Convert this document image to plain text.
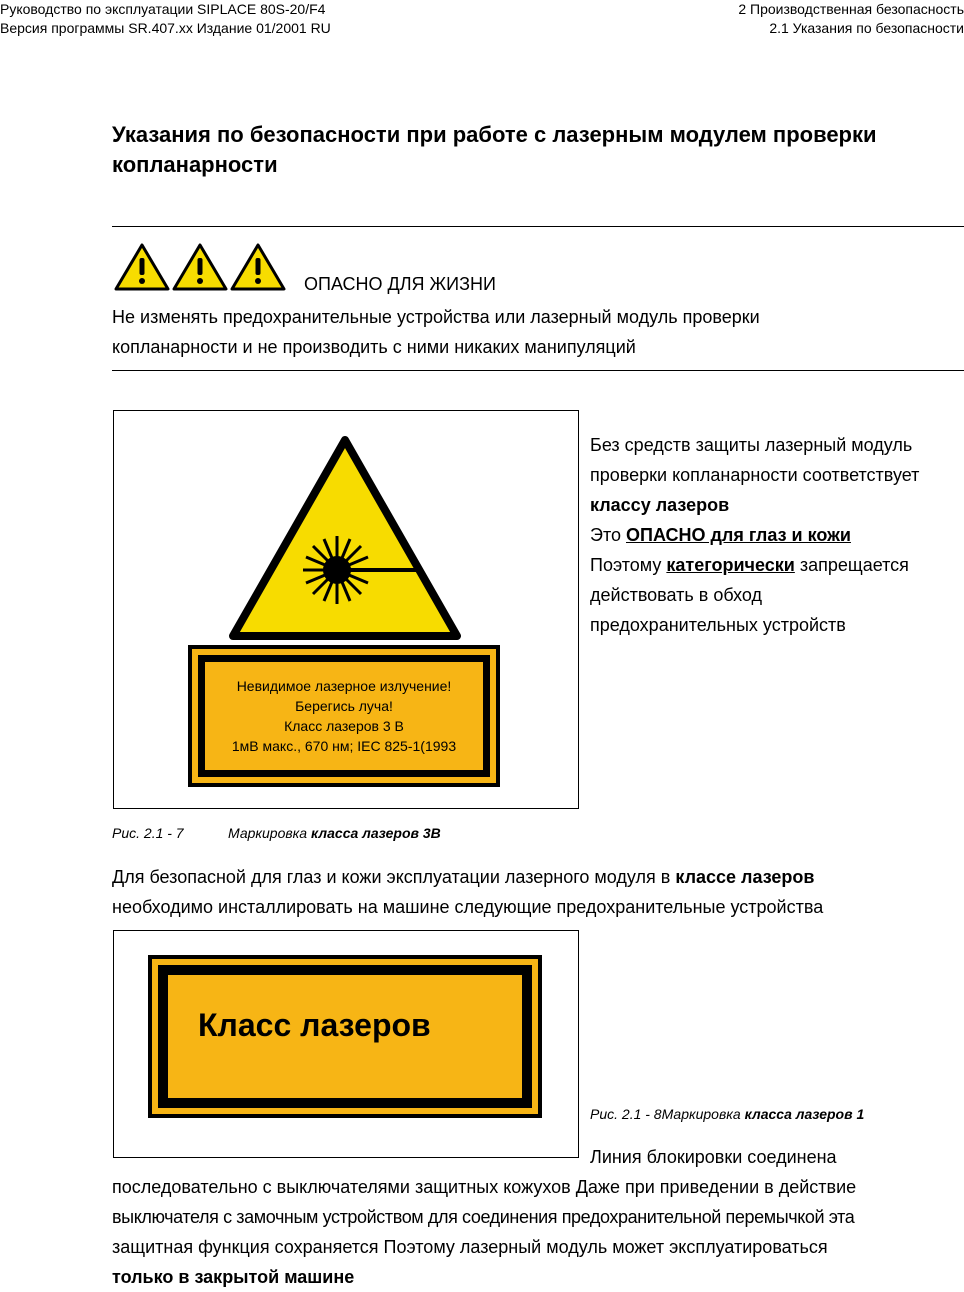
Руководство по эксплуатации SIPLACE 80S-20/F4
Версия программы SR.407.xx Издание 01/2001 RU
2 Производственная безопасность
2.1 Указания по безопасности
Указания по безопасности при работе с лазерным модулем проверки копланарности
ОПАСНО ДЛЯ ЖИЗНИ
Не изменять предохранительные устройства или лазерный модуль проверки
копланарности и не производить с ними никаких манипуляций
Невидимое лазерное излучение!
Берегись луча!
Класс лазеров 3 В
1мВ макс., 670 нм; IEC 825-1(1993
Без средств защиты лазерный модуль
проверки копланарности соответствует
классу лазеров
Это ОПАСНО для глаз и кожи
Поэтому категорически запрещается
действовать в обход
предохранительных устройств
Рис. 2.1 - 7	Маркировка класса лазеров 3В
Для безопасной для глаз и кожи эксплуатации лазерного модуля в классе лазеров
необходимо инсталлировать на машине следующие предохранительные устройства
Класс лазеров
Рис. 2.1 - 8Маркировка класса лазеров 1
Линия блокировки соединена
последовательно с выключателями защитных кожухов Даже при приведении в действие
выключателя с замочным устройством для соединения предохранительной перемычкой эта
защитная функция сохраняется Поэтому лазерный модуль может эксплуатироваться
только в закрытой машине
